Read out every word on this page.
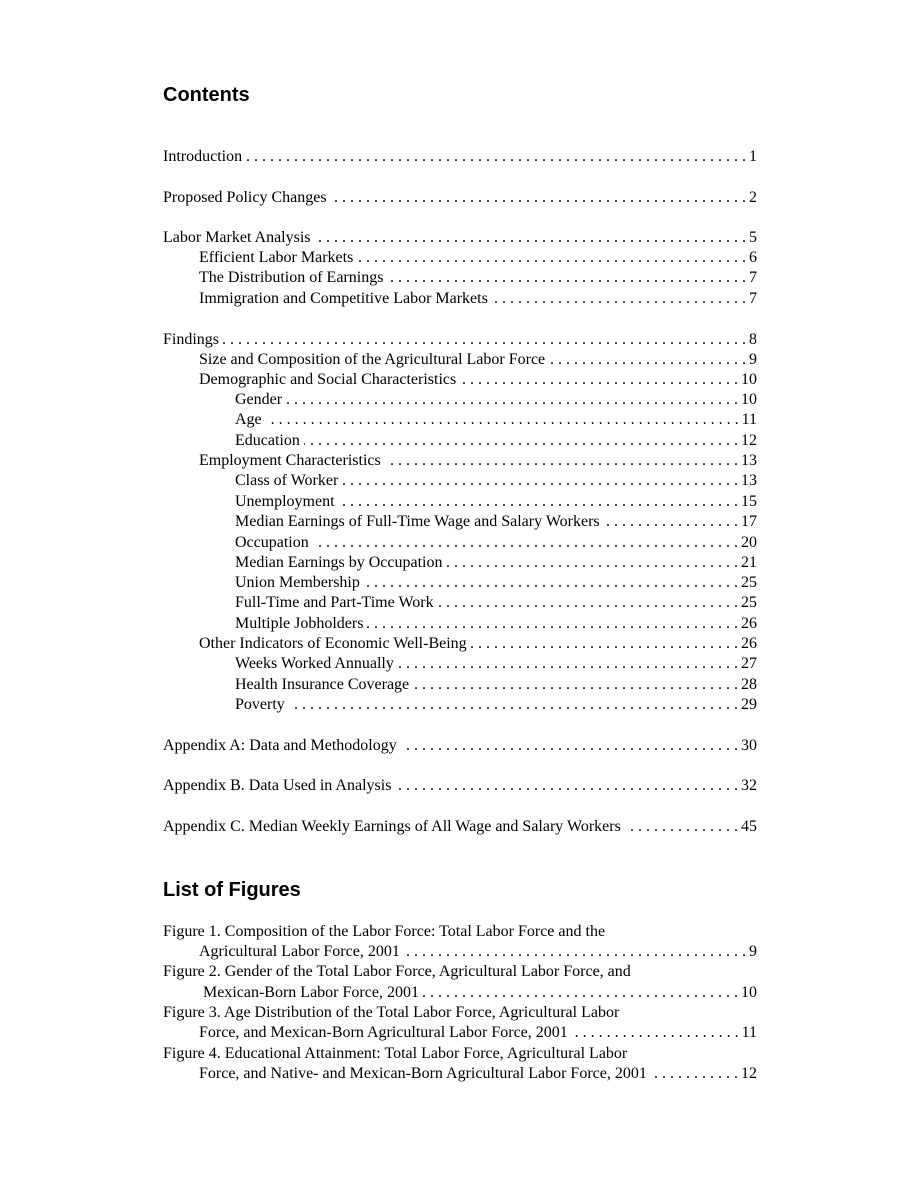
Contents
Introduction . . .	1
Proposed Policy Changes . . .	2
Labor Market Analysis . . .	5
Efficient Labor Markets . . .	6
The Distribution of Earnings . . .	7
Immigration and Competitive Labor Markets . . .	7
Findings . . .	8
Size and Composition of the Agricultural Labor Force . . .	9
Demographic and Social Characteristics . . .	10
Gender . . .	10
Age . . .	11
Education . . .	12
Employment Characteristics . . .	13
Class of Worker . . .	13
Unemployment . . .	15
Median Earnings of Full-Time Wage and Salary Workers . . .	17
Occupation . . .	20
Median Earnings by Occupation . . .	21
Union Membership . . .	25
Full-Time and Part-Time Work . . .	25
Multiple Jobholders . . .	26
Other Indicators of Economic Well-Being . . .	26
Weeks Worked Annually . . .	27
Health Insurance Coverage . . .	28
Poverty . . .	29
Appendix A: Data and Methodology . . .	30
Appendix B. Data Used in Analysis . . .	32
Appendix C. Median Weekly Earnings of All Wage and Salary Workers . . .	45
List of Figures
Figure 1. Composition of the Labor Force: Total Labor Force and the
Agricultural Labor Force, 2001 . . .	9
Figure 2. Gender of the Total Labor Force, Agricultural Labor Force, and
Mexican-Born Labor Force, 2001 . . .	10
Figure 3. Age Distribution of the Total Labor Force, Agricultural Labor
Force, and Mexican-Born Agricultural Labor Force, 2001 . . .	11
Figure 4. Educational Attainment: Total Labor Force, Agricultural Labor
Force, and Native- and Mexican-Born Agricultural Labor Force, 2001 . . .	12
